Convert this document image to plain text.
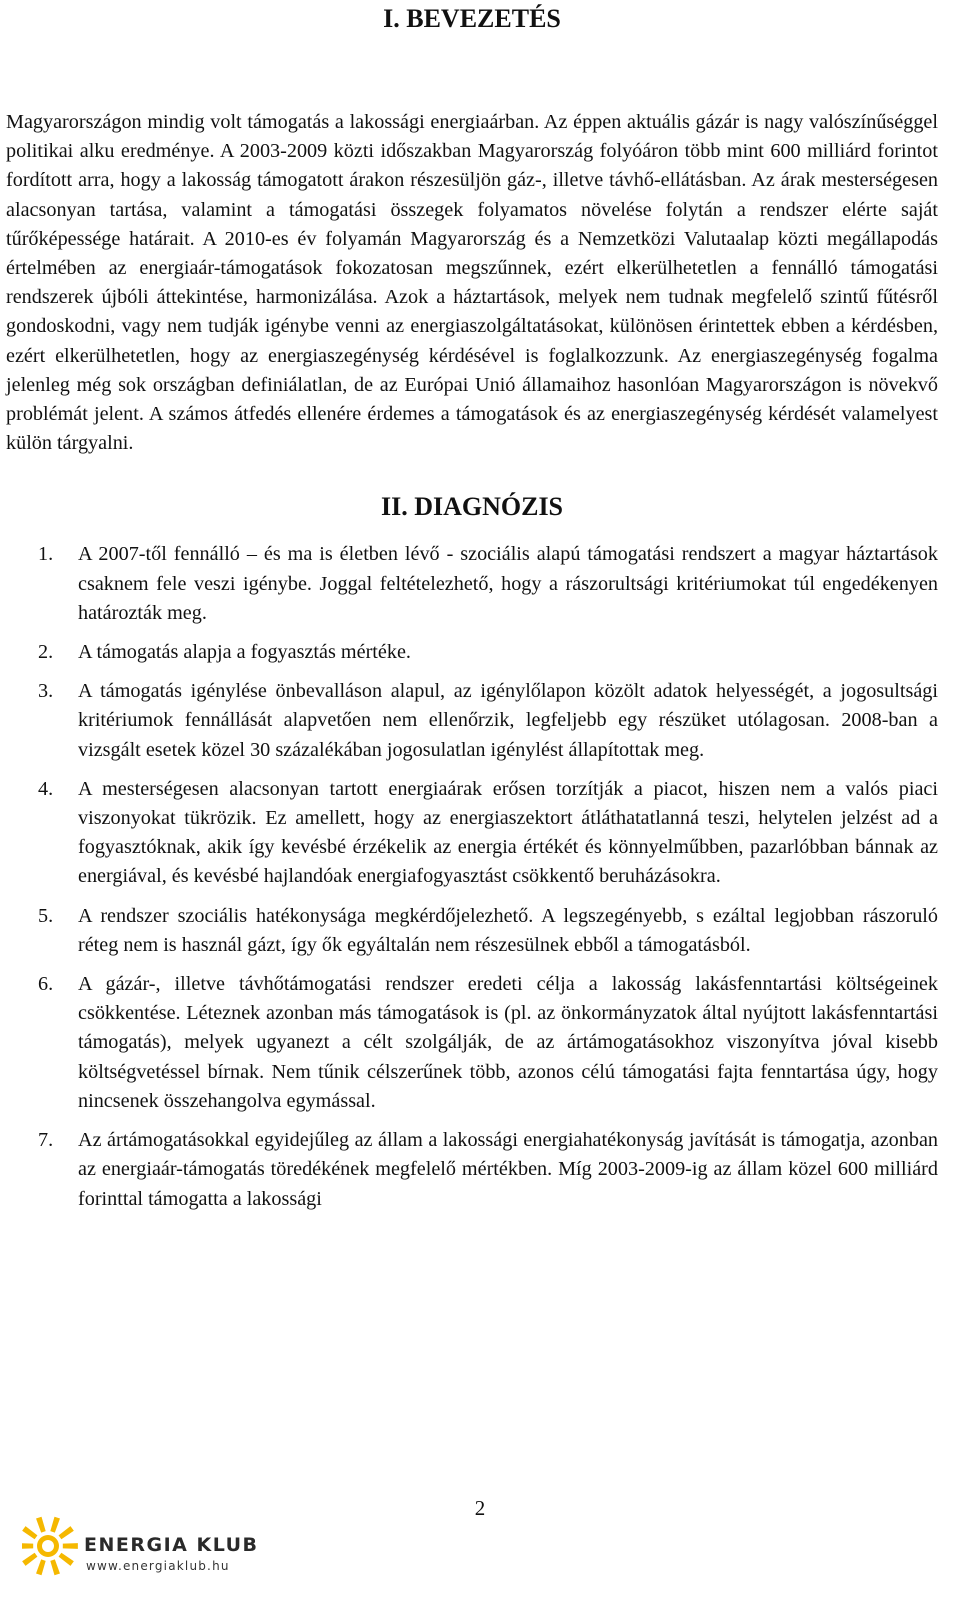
I. BEVEZETÉS

Magyarországon mindig volt támogatás a lakossági energiaárban. Az éppen aktuális gázár is nagy valószínűséggel politikai alku eredménye. A 2003-2009 közti időszakban Magyarország folyóáron több mint 600 milliárd forintot fordított arra, hogy a lakosság támogatott árakon részesüljön gáz-, illetve távhő-ellátásban. Az árak mesterségesen alacsonyan tartása, valamint a támogatási összegek folyamatos növelése folytán a rendszer elérte saját tűrőképessége határait. A 2010-es év folyamán Magyarország és a Nemzetközi Valutaalap közti megállapodás értelmében az energiaár-támogatások fokozatosan megszűnnek, ezért elkerülhetetlen a fennálló támogatási rendszerek újbóli áttekintése, harmonizálása. Azok a háztartások, melyek nem tudnak megfelelő szintű fűtésről gondoskodni, vagy nem tudják igénybe venni az energiaszolgáltatásokat, különösen érintettek ebben a kérdésben, ezért elkerülhetetlen, hogy az energiaszegénység kérdésével is foglalkozzunk. Az energiaszegénység fogalma jelenleg még sok országban definiálatlan, de az Európai Unió államaihoz hasonlóan Magyarországon is növekvő problémát jelent. A számos átfedés ellenére érdemes a támogatások és az energiaszegénység kérdését valamelyest külön tárgyalni.

II. DIAGNÓZIS
1. A 2007-től fennálló – és ma is életben lévő - szociális alapú támogatási rendszert a magyar háztartások csaknem fele veszi igénybe. Joggal feltételezhető, hogy a rászorultsági kritériumokat túl engedékenyen határozták meg.
2. A támogatás alapja a fogyasztás mértéke.
3. A támogatás igénylése önbevalláson alapul, az igénylőlapon közölt adatok helyességét, a jogosultsági kritériumok fennállását alapvetően nem ellenőrzik, legfeljebb egy részüket utólagosan. 2008-ban a vizsgált esetek közel 30 százalékában jogosulatlan igénylést állapítottak meg.
4. A mesterségesen alacsonyan tartott energiaárak erősen torzítják a piacot, hiszen nem a valós piaci viszonyokat tükrözik. Ez amellett, hogy az energiaszektort átláthatatlanná teszi, helytelen jelzést ad a fogyasztóknak, akik így kevésbé érzékelik az energia értékét és könnyelműbben, pazarlóbban bánnak az energiával, és kevésbé hajlandóak energiafogyasztást csökkentő beruházásokra.
5. A rendszer szociális hatékonysága megkérdőjelezhető. A legszegényebb, s ezáltal legjobban rászoruló réteg nem is használ gázt, így ők egyáltalán nem részesülnek ebből a támogatásból.
6. A gázár-, illetve távhőtámogatási rendszer eredeti célja a lakosság lakásfenntartási költségeinek csökkentése. Léteznek azonban más támogatások is (pl. az önkormányzatok által nyújtott lakásfenntartási támogatás), melyek ugyanezt a célt szolgálják, de az ártámogatásokhoz viszonyítva jóval kisebb költségvetéssel bírnak. Nem tűnik célszerűnek több, azonos célú támogatási fajta fenntartása úgy, hogy nincsenek összehangolva egymással.
7. Az ártámogatásokkal egyidejűleg az állam a lakossági energiahatékonyság javítását is támogatja, azonban az energiaár-támogatás töredékének megfelelő mértékben. Míg 2003-2009-ig az állam közel 600 milliárd forinttal támogatta a lakossági
2
ENERGIA KLUB
www.energiaklub.hu
